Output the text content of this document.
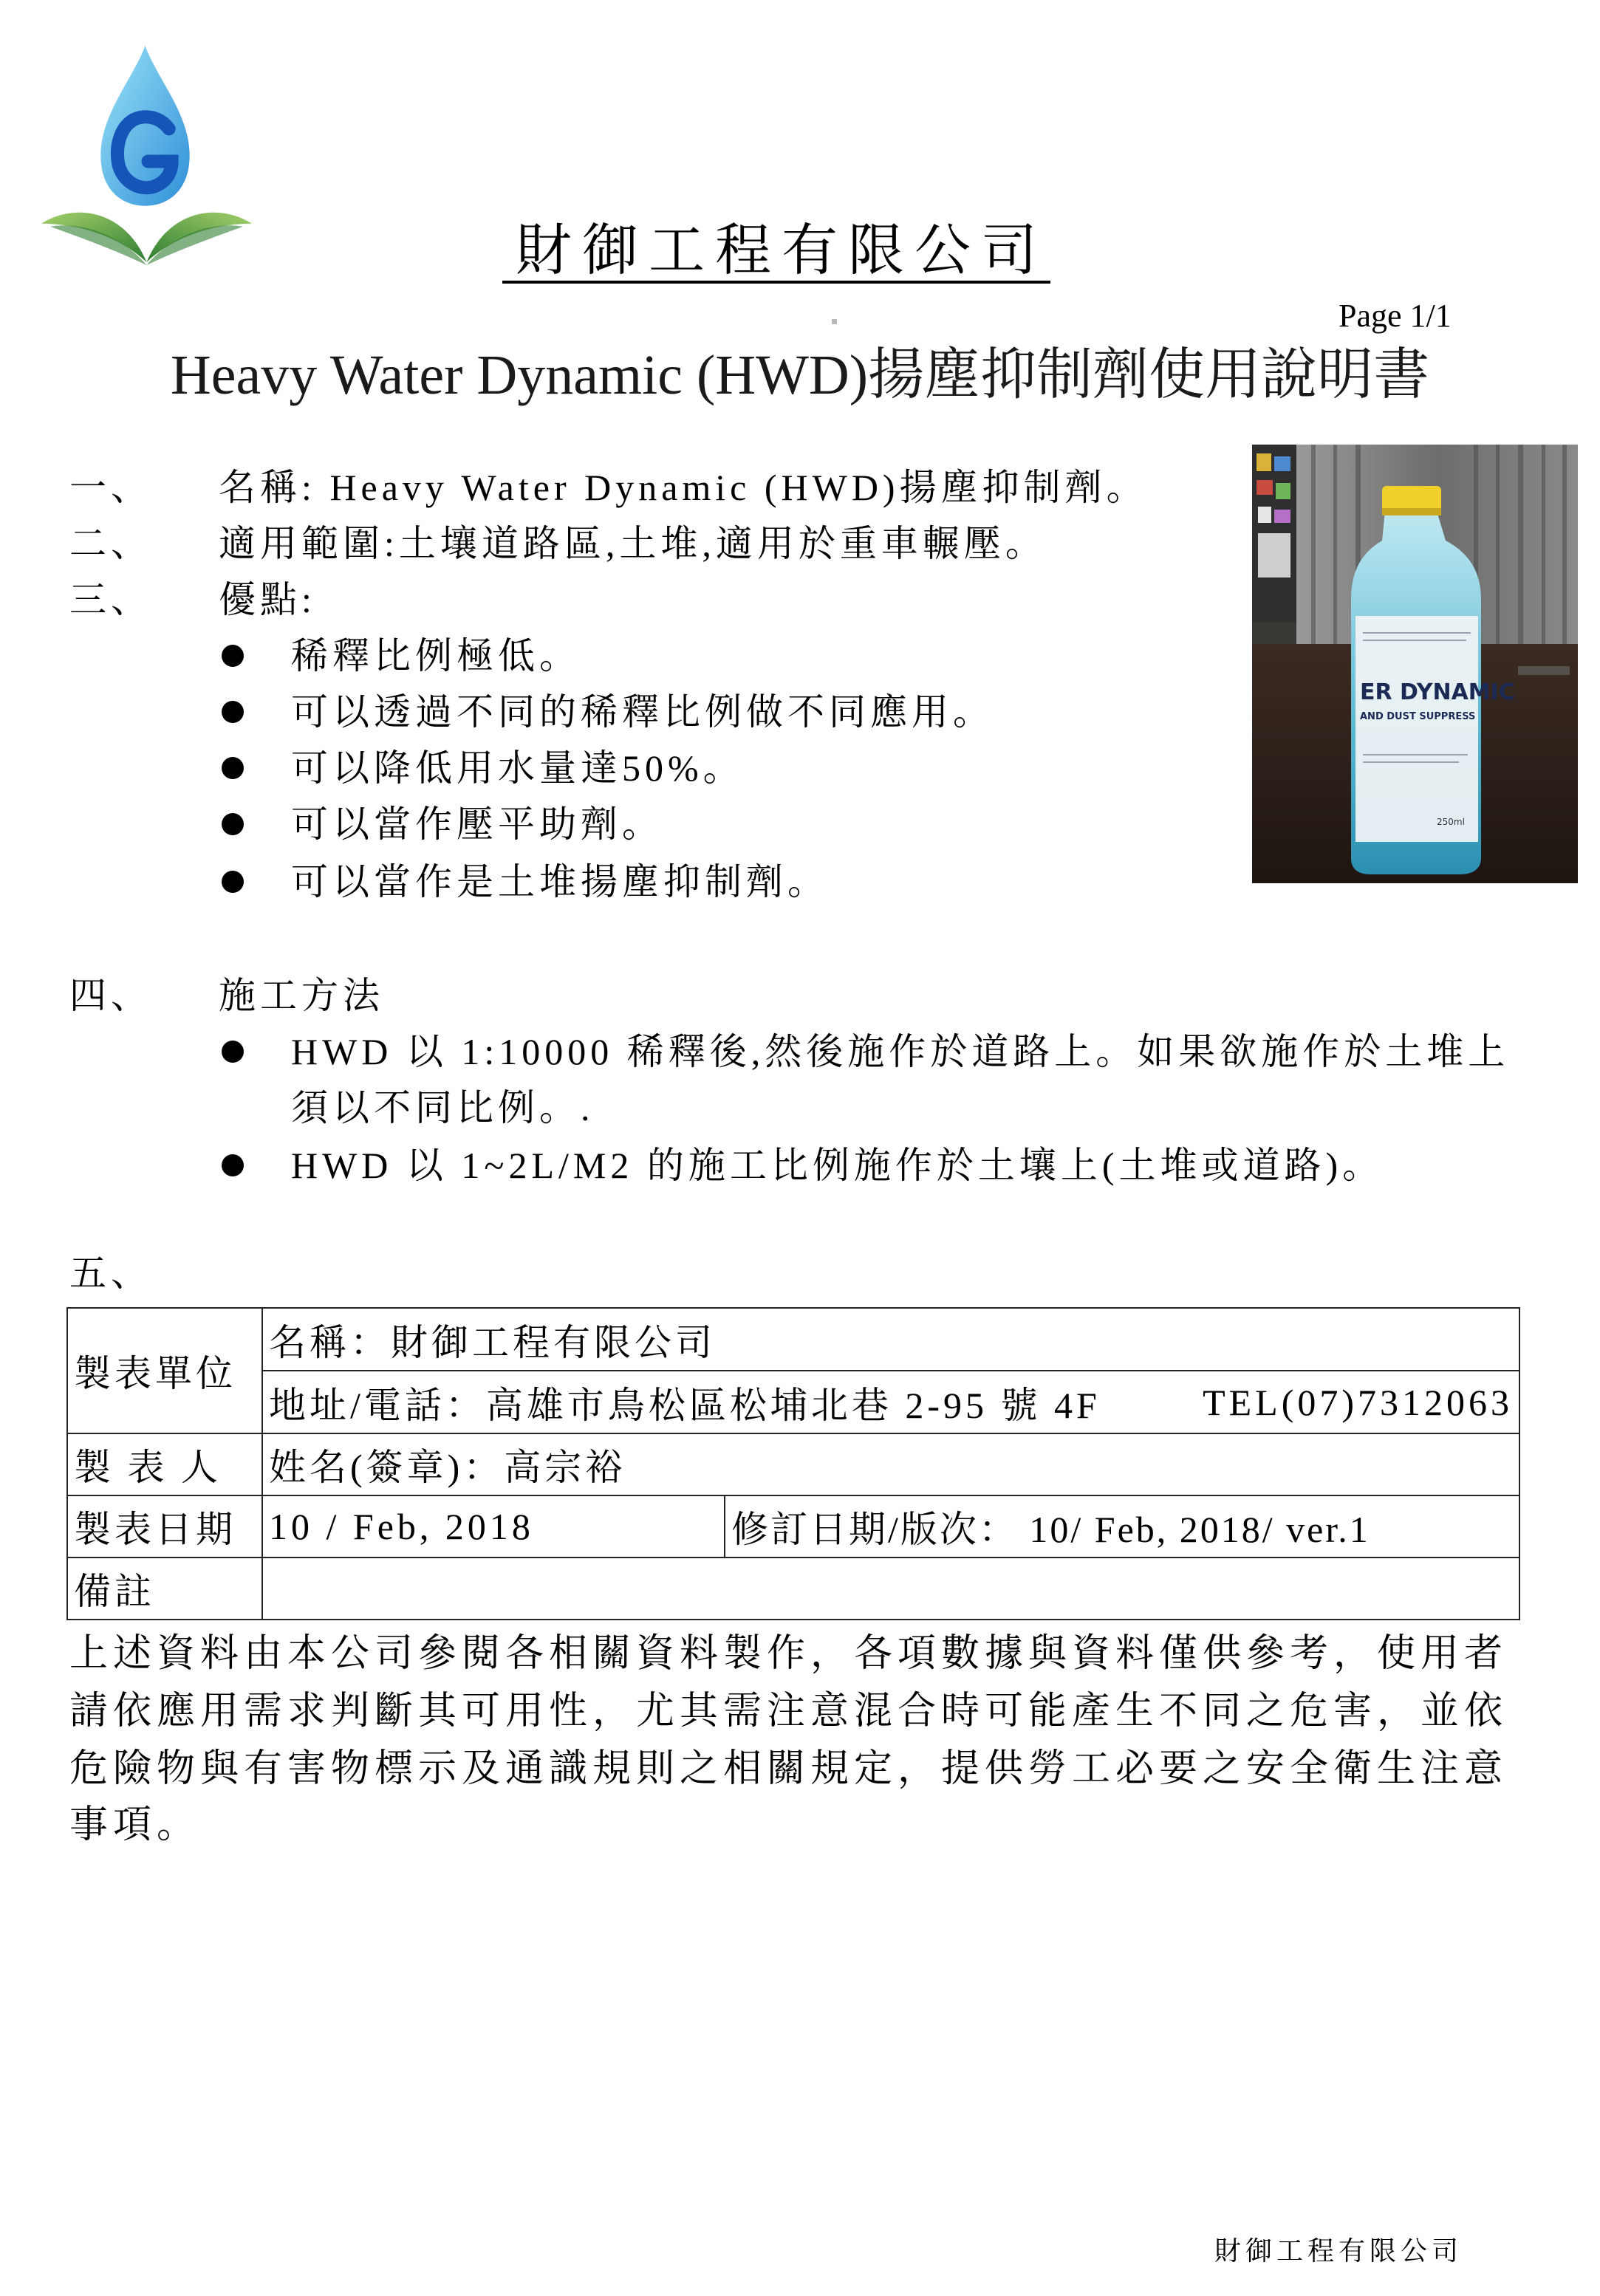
財御工程有限公司
Page 1/1
Heavy Water Dynamic (HWD)揚塵抑制劑使用說明書
ER DYNAMIC
AND DUST SUPPRESS
250ml
一、 名稱: Heavy Water Dynamic (HWD)揚塵抑制劑。
二、 適用範圍:土壤道路區,土堆,適用於重車輾壓。
三、 優點:
稀釋比例極低。
可以透過不同的稀釋比例做不同應用。
可以降低用水量達50%。
可以當作壓平助劑。
可以當作是土堆揚塵抑制劑。
四、 施工方法
HWD 以 1:10000 稀釋後,然後施作於道路上。如果欲施作於土堆上
須以不同比例。.
HWD 以 1~2L/M2 的施工比例施作於土壤上(土堆或道路)。
五、
製表單位	名稱：財御工程有限公司	

	地址/電話：高雄市鳥松區松埔北巷 2-95 號 4F TEL(07)7312063	

製 表 人	姓名(簽章)：高宗裕	
製表日期	10 / Feb, 2018	修訂日期/版次： 10/ Feb, 2018/ ver.1
備註		
上述資料由本公司參閱各相關資料製作，各項數據與資料僅供參考，使用者
請依應用需求判斷其可用性，尤其需注意混合時可能產生不同之危害，並依
危險物與有害物標示及通識規則之相關規定，提供勞工必要之安全衛生注意
事項。
財御工程有限公司
